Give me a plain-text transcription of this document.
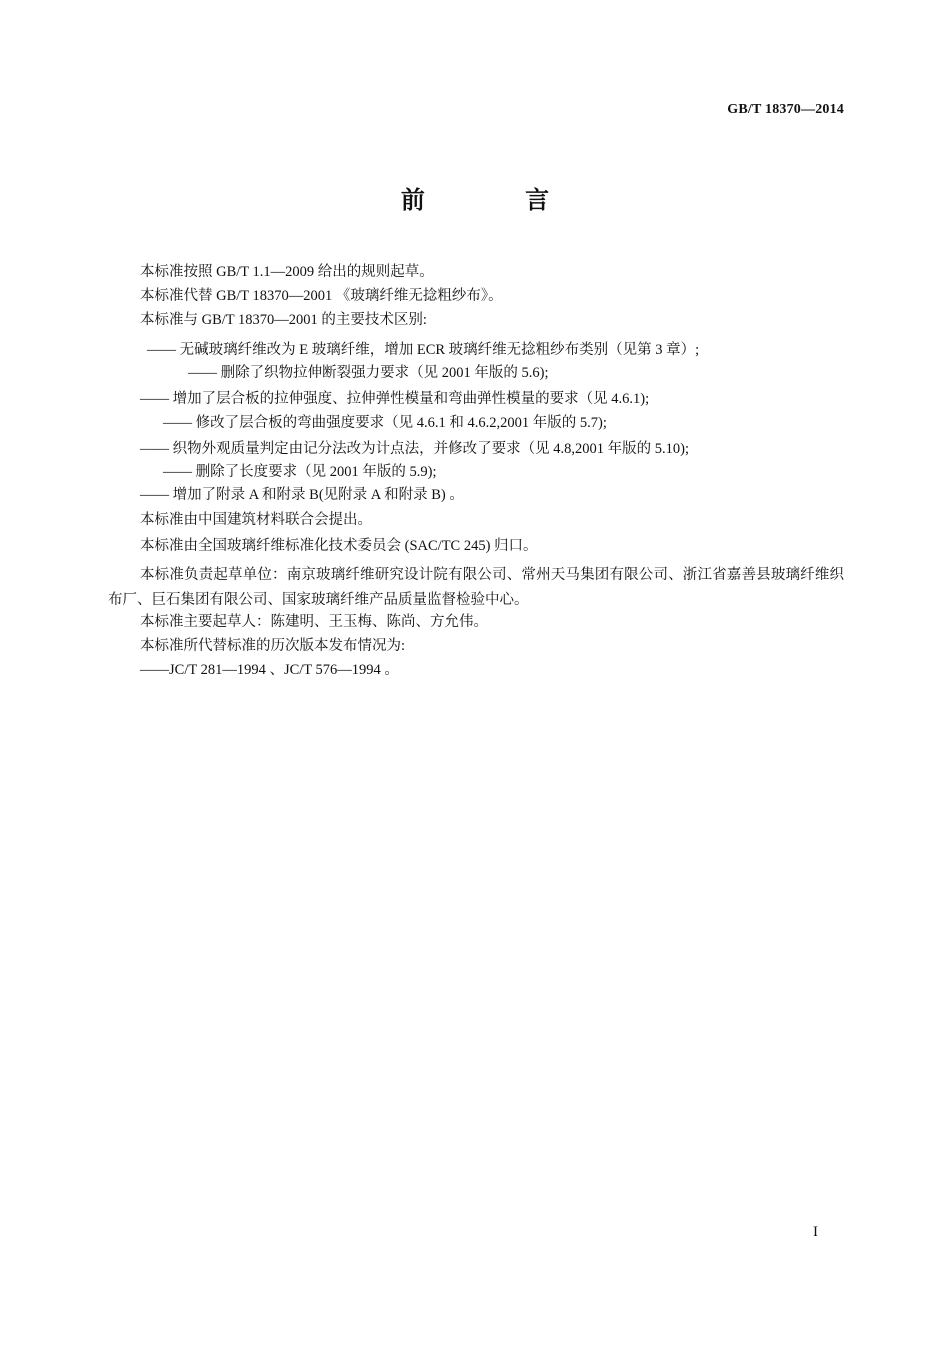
GB/T 18370—2014
前 言
本标准按照 GB/T 1.1—2009 给出的规则起草。
本标准代替 GB/T 18370—2001 《玻璃纤维无捻粗纱布》。
本标准与 GB/T 18370—2001 的主要技术区别:
—— 无碱玻璃纤维改为 E 玻璃纤维，增加 ECR 玻璃纤维无捻粗纱布类别（见第 3 章）;
—— 删除了织物拉伸断裂强力要求（见 2001 年版的 5.6);
—— 增加了层合板的拉伸强度、拉伸弹性模量和弯曲弹性模量的要求（见 4.6.1);
—— 修改了层合板的弯曲强度要求（见 4.6.1 和 4.6.2,2001 年版的 5.7);
—— 织物外观质量判定由记分法改为计点法，并修改了要求（见 4.8,2001 年版的 5.10);
—— 删除了长度要求（见 2001 年版的 5.9);
—— 增加了附录 A 和附录 B(见附录 A 和附录 B) 。
本标准由中国建筑材料联合会提出。
本标准由全国玻璃纤维标准化技术委员会 (SAC/TC 245) 归口。
本标准负责起草单位：南京玻璃纤维研究设计院有限公司、常州天马集团有限公司、浙江省嘉善县玻璃纤维织布厂、巨石集团有限公司、国家玻璃纤维产品质量监督检验中心。
本标准主要起草人：陈建明、王玉梅、陈尚、方允伟。
本标准所代替标准的历次版本发布情况为:
——JC/T 281—1994 、JC/T 576—1994 。
I
